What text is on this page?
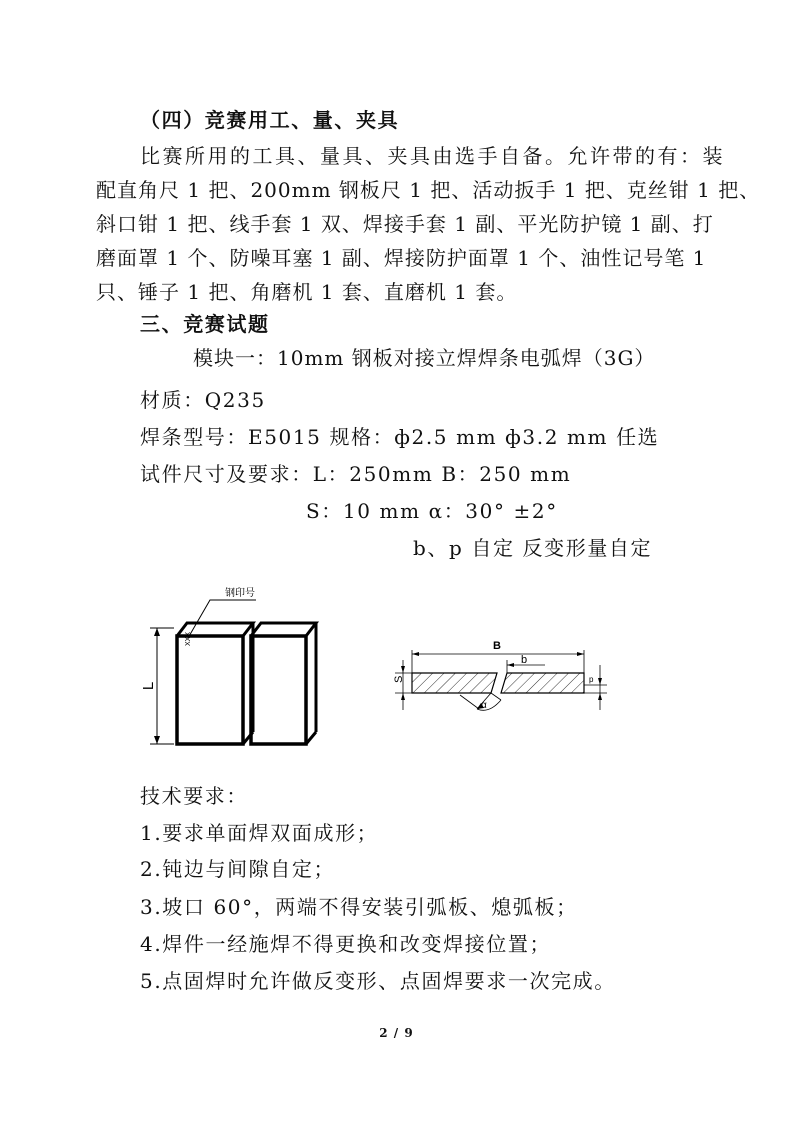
（四）竞赛用工、量、夹具
比赛所用的工具、量具、夹具由选手自备。允许带的有：装
配直角尺 1 把、200mm 钢板尺 1 把、活动扳手 1 把、克丝钳 1 把、
斜口钳 1 把、线手套 1 双、焊接手套 1 副、平光防护镜 1 副、打
磨面罩 1 个、防噪耳塞 1 副、焊接防护面罩 1 个、油性记号笔 1
只、锤子 1 把、角磨机 1 套、直磨机 1 套。
三、竞赛试题
模块一：10mm 钢板对接立焊焊条电弧焊（3G）
材质：Q235
焊条型号：E5015 规格：ф2.5 mm ф3.2 mm 任选
试件尺寸及要求：L：250mm B：250 mm
S：10 mm α：30° ±2°
b、p 自定 反变形量自定
L
钢印号
XXX	B
b
S	p
α
技术要求：
1.要求单面焊双面成形；
2.钝边与间隙自定；
3.坡口 60°，两端不得安装引弧板、熄弧板；
4.焊件一经施焊不得更换和改变焊接位置；
5.点固焊时允许做反变形、点固焊要求一次完成。
2 / 9
